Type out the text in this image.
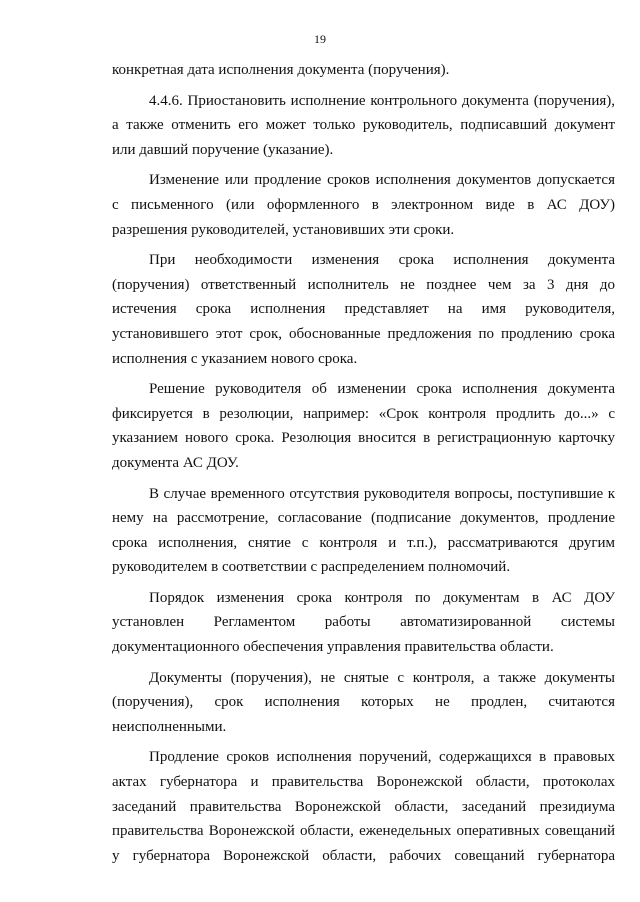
19
конкретная дата исполнения документа (поручения).
4.4.6. Приостановить исполнение контрольного документа (поручения),
а также отменить его может только руководитель, подписавший документ
или давший поручение (указание).
Изменение или продление сроков исполнения документов допускается
с письменного (или оформленного в электронном виде в АС ДОУ)
разрешения руководителей, установивших эти сроки.
При необходимости изменения срока исполнения документа
(поручения) ответственный исполнитель не позднее чем за 3 дня до
истечения срока исполнения представляет на имя руководителя,
установившего этот срок, обоснованные предложения по продлению срока
исполнения с указанием нового срока.
Решение руководителя об изменении срока исполнения документа
фиксируется в резолюции, например: «Срок контроля продлить до...» с
указанием нового срока. Резолюция вносится в регистрационную карточку
документа АС ДОУ.
В случае временного отсутствия руководителя вопросы, поступившие к
нему на рассмотрение, согласование (подписание документов, продление
срока исполнения, снятие с контроля и т.п.), рассматриваются другим
руководителем в соответствии с распределением полномочий.
Порядок изменения срока контроля по документам в АС ДОУ
установлен Регламентом работы автоматизированной системы
документационного обеспечения управления правительства области.
Документы (поручения), не снятые с контроля, а также документы
(поручения), срок исполнения которых не продлен, считаются
неисполненными.
Продление сроков исполнения поручений, содержащихся в правовых
актах губернатора и правительства Воронежской области, протоколах
заседаний правительства Воронежской области, заседаний президиума
правительства Воронежской области, еженедельных оперативных совещаний
у губернатора Воронежской области, рабочих совещаний губернатора
